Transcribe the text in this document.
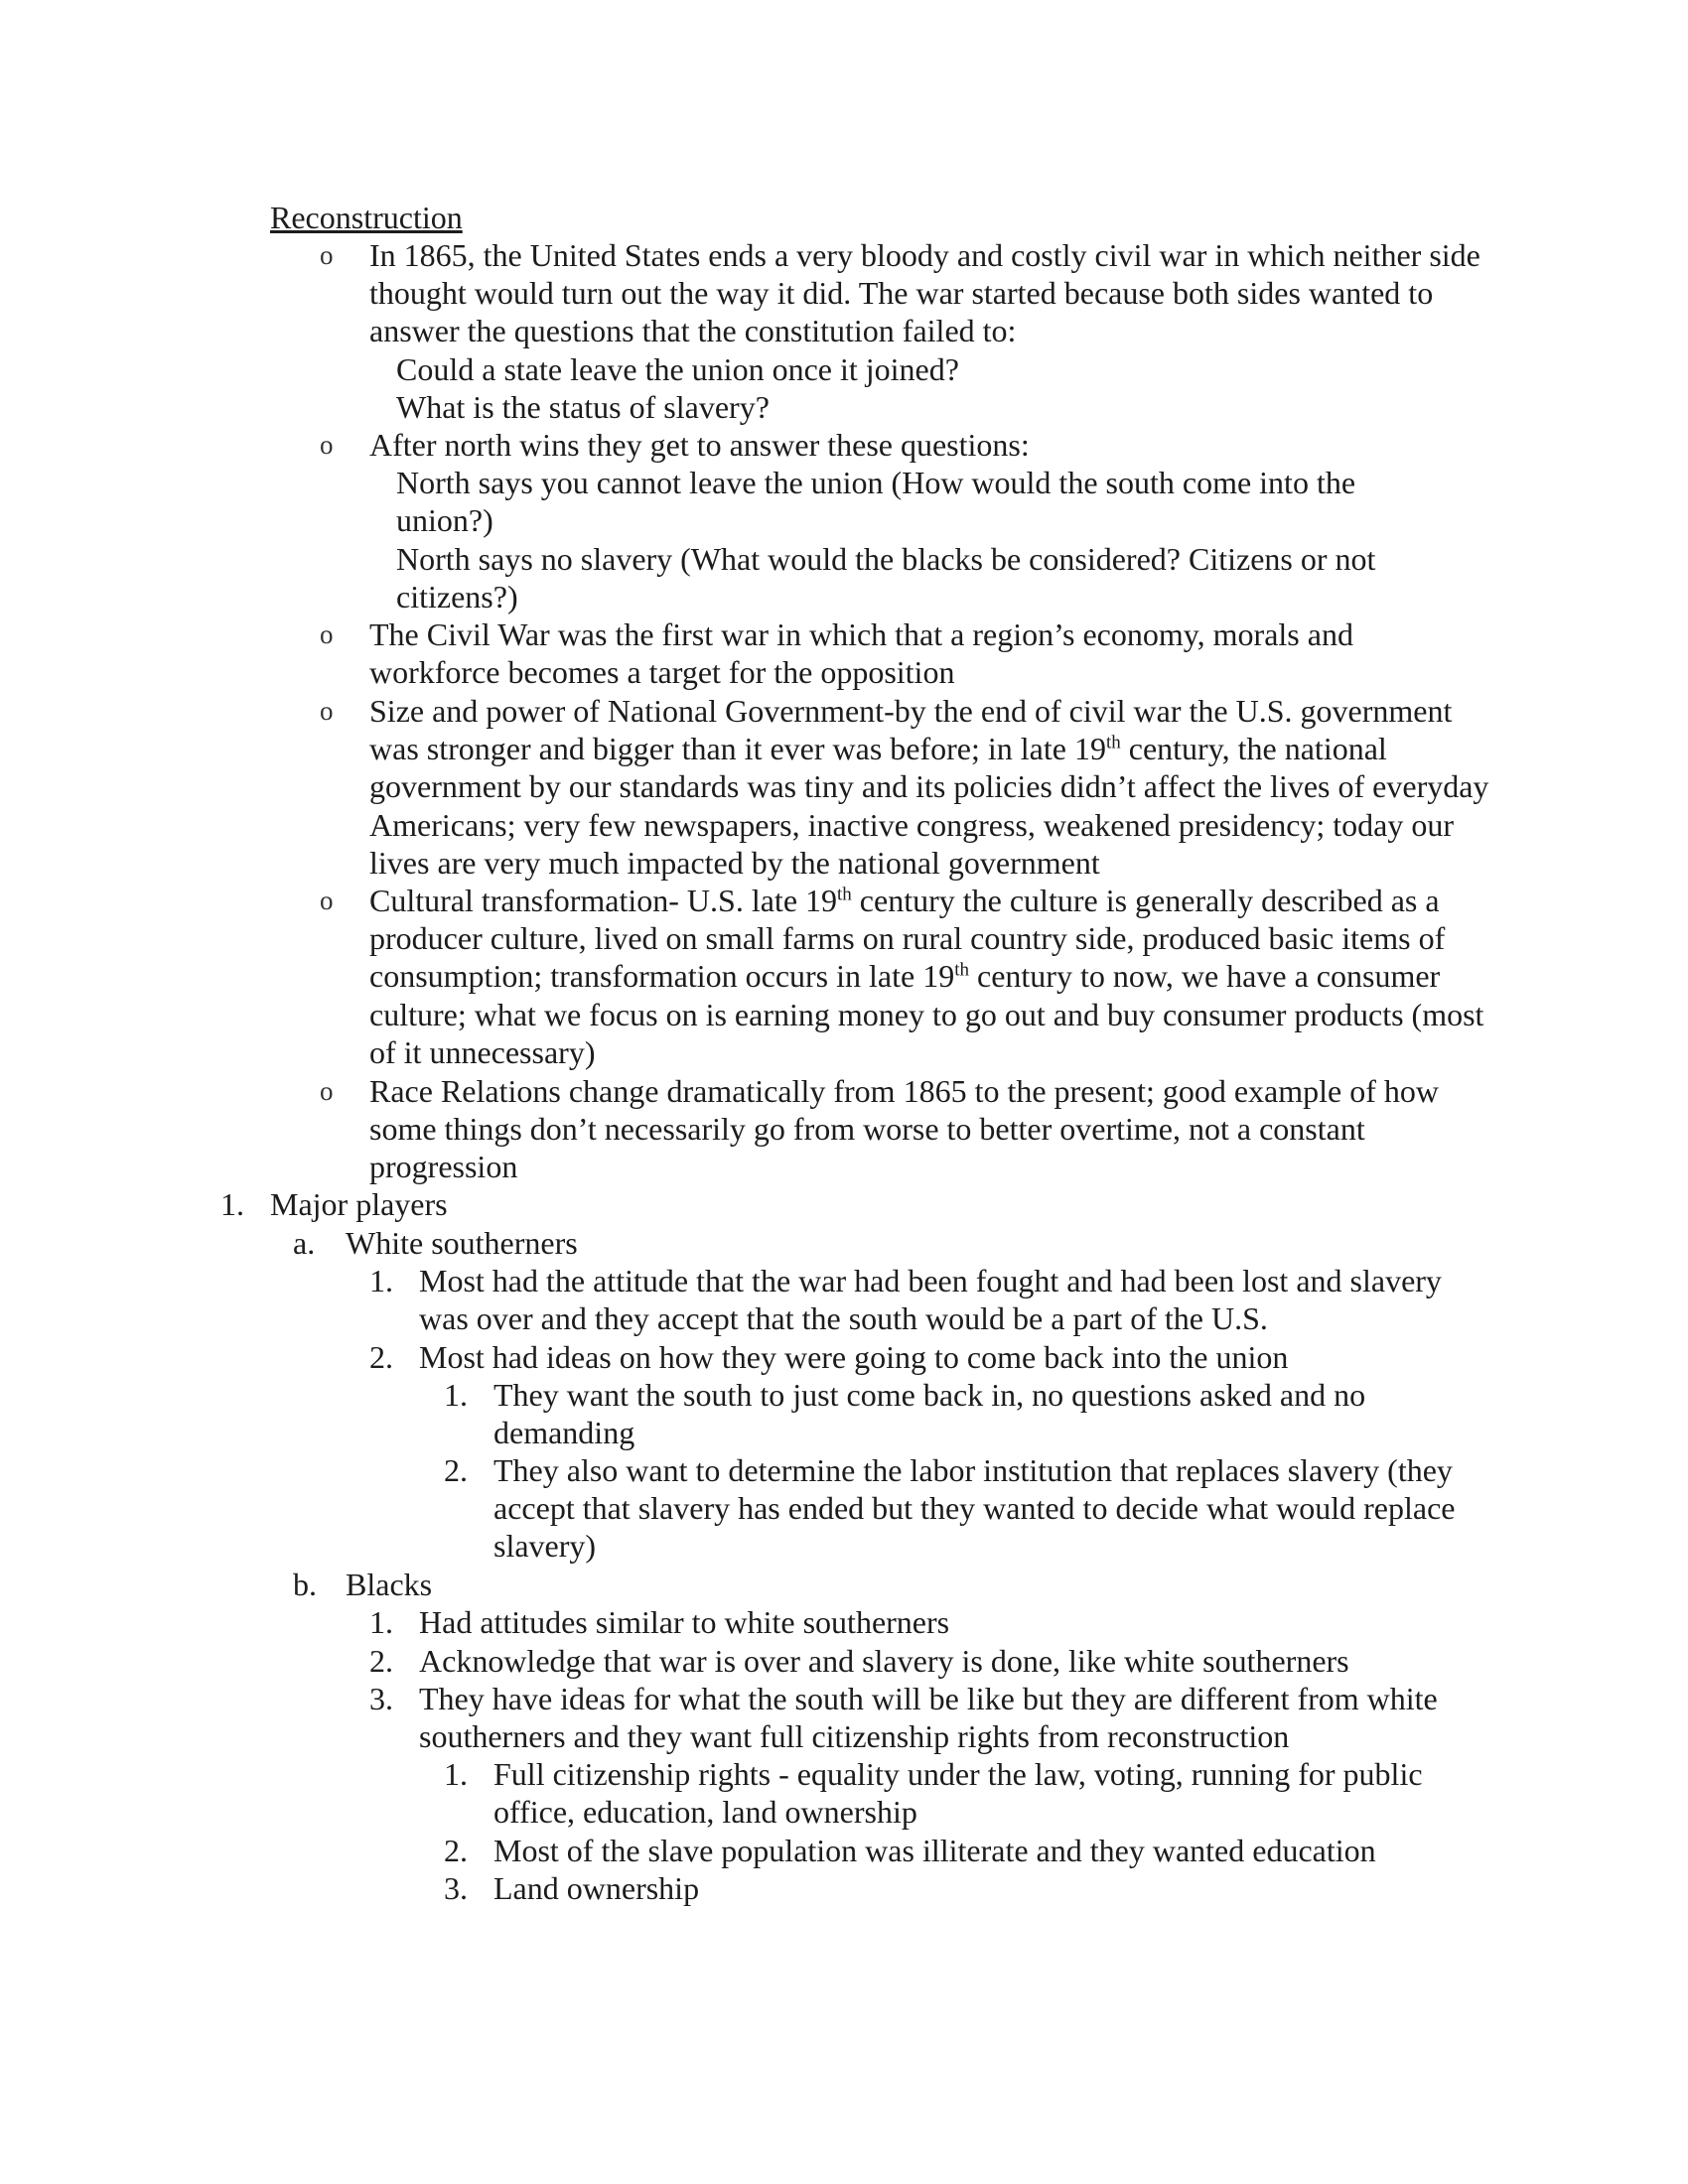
Reconstruction
o	In 1865, the United States ends a very bloody and costly civil war in which neither side thought would turn out the way it did. The war started because both sides wanted to answer the questions that the constitution failed to:
Could a state leave the union once it joined?
What is the status of slavery?
o	After north wins they get to answer these questions:
North says you cannot leave the union (How would the south come into the union?)
North says no slavery (What would the blacks be considered? Citizens or not citizens?)
o	The Civil War was the first war in which that a region’s economy, morals and workforce becomes a target for the opposition
o	Size and power of National Government-by the end of civil war the U.S. government was stronger and bigger than it ever was before; in late 19th century, the national government by our standards was tiny and its policies didn’t affect the lives of everyday Americans; very few newspapers, inactive congress, weakened presidency; today our lives are very much impacted by the national government
o	Cultural transformation- U.S. late 19th century the culture is generally described as a producer culture, lived on small farms on rural country side, produced basic items of consumption; transformation occurs in late 19th century to now, we have a consumer culture; what we focus on is earning money to go out and buy consumer products (most of it unnecessary)
o	Race Relations change dramatically from 1865 to the present; good example of how some things don’t necessarily go from worse to better overtime, not a constant progression
1. Major players
a. White southerners
1. Most had the attitude that the war had been fought and had been lost and slavery was over and they accept that the south would be a part of the U.S.
2. Most had ideas on how they were going to come back into the union
1. They want the south to just come back in, no questions asked and no demanding
2. They also want to determine the labor institution that replaces slavery (they accept that slavery has ended but they wanted to decide what would replace slavery)
b. Blacks
1. Had attitudes similar to white southerners
2. Acknowledge that war is over and slavery is done, like white southerners
3. They have ideas for what the south will be like but they are different from white southerners and they want full citizenship rights from reconstruction
1. Full citizenship rights - equality under the law, voting, running for public office, education, land ownership
2. Most of the slave population was illiterate and they wanted education
3. Land ownership
